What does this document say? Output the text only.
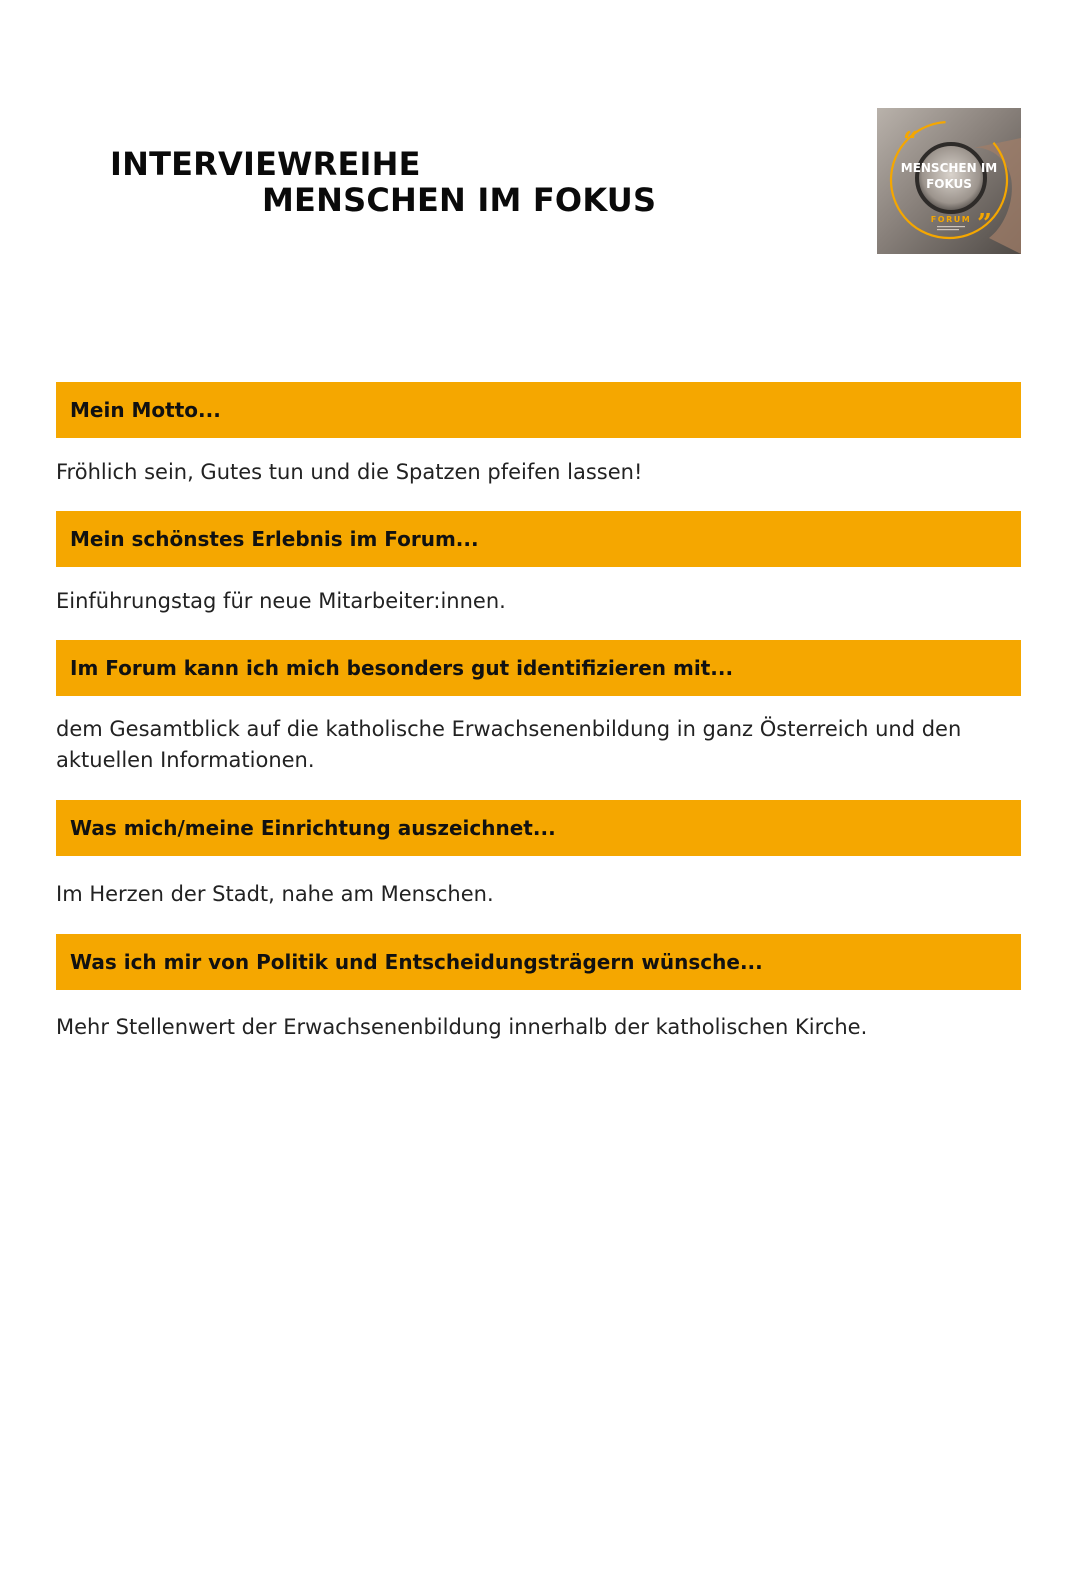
INTERVIEWREIHE
MENSCHEN IM FOKUS
“
”
MENSCHEN IM
FOKUS
FORUM
Mein Motto...
Fröhlich sein, Gutes tun und die Spatzen pfeifen lassen!
Mein schönstes Erlebnis im Forum...
Einführungstag für neue Mitarbeiter:innen.
Im Forum kann ich mich besonders gut identifizieren mit...
dem Gesamtblick auf die katholische Erwachsenenbildung in ganz Österreich und den aktuellen Informationen.
Was mich/meine Einrichtung auszeichnet...
Im Herzen der Stadt, nahe am Menschen.
Was ich mir von Politik und Entscheidungsträgern wünsche...
Mehr Stellenwert der Erwachsenenbildung innerhalb der katholischen Kirche.
